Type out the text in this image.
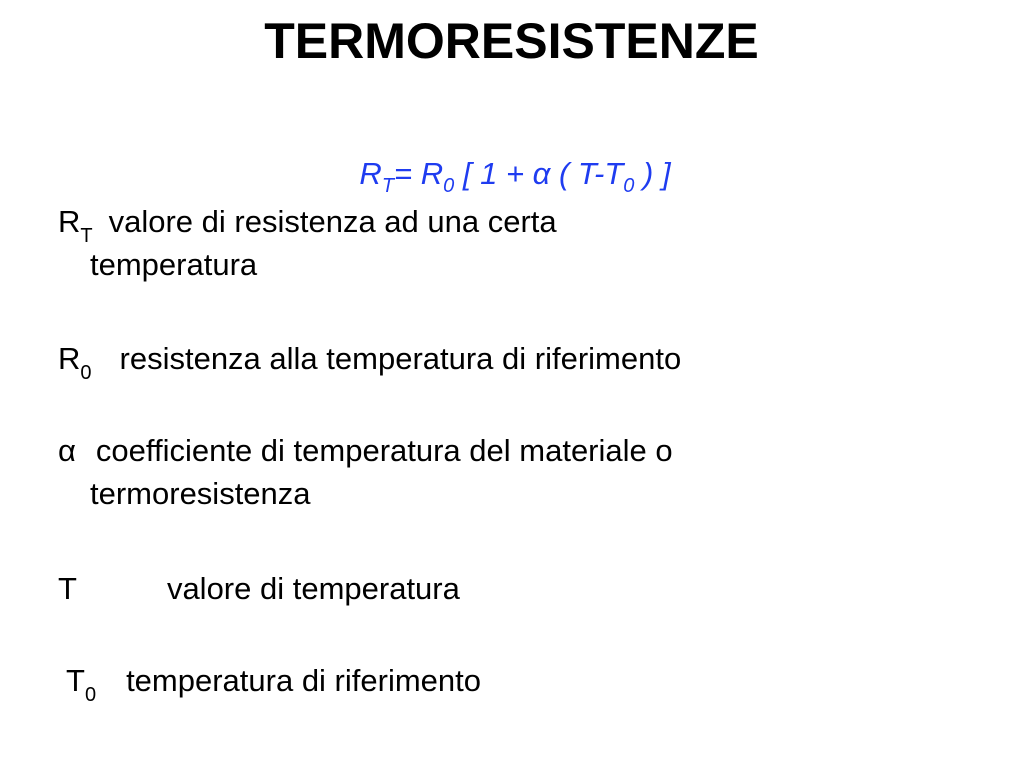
TERMORESISTENZE
$R_T= R_0$ [ 1 + α ( $T-T_0$ ) ]
$R_T$ valore di resistenza ad una certa
temperatura
$R_0$ resistenza alla temperatura di riferimento
α coefficiente di temperatura del materiale o
termoresistenza
T	valore di temperatura
$T_0$ temperatura di riferimento
